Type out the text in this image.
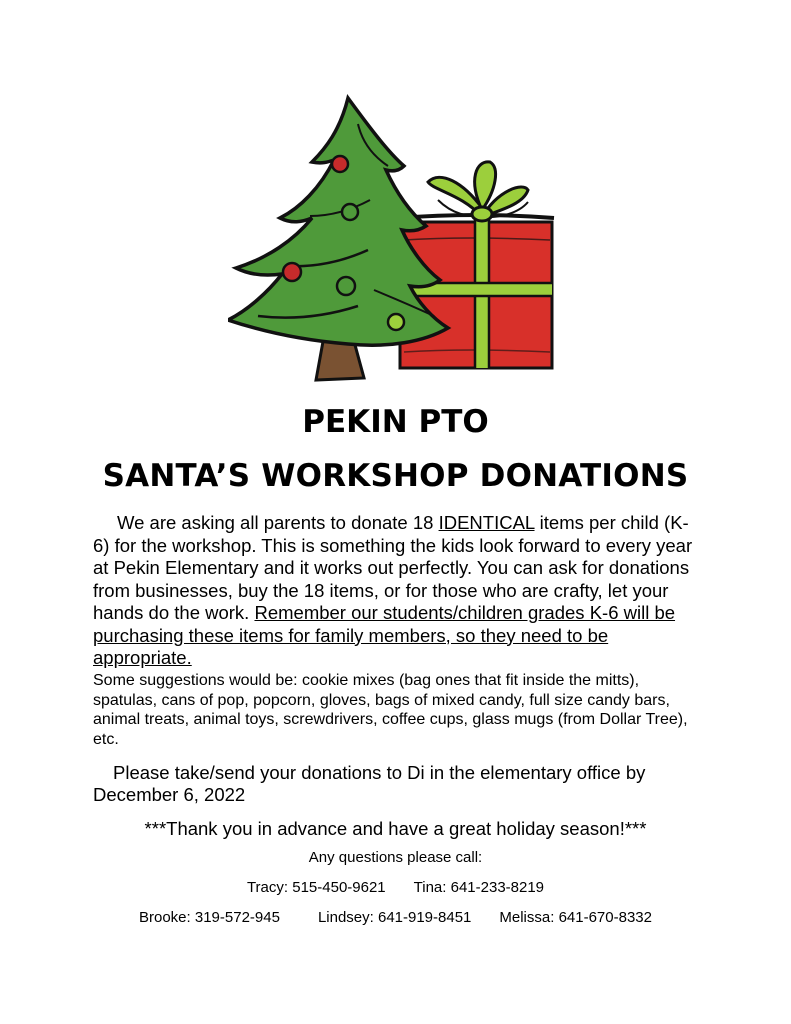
PEKIN PTO
SANTA’S WORKSHOP DONATIONS

We are asking all parents to donate 18 IDENTICAL items per child (K-6) for the workshop. This is something the kids look forward to every year at Pekin Elementary and it works out perfectly. You can ask for donations from businesses, buy the 18 items, or for those who are crafty, let your hands do the work. Remember our students/children grades K-6 will be purchasing these items for family members, so they need to be appropriate.

Some suggestions would be: cookie mixes (bag ones that fit inside the mitts), spatulas, cans of pop, popcorn, gloves, bags of mixed candy, full size candy bars, animal treats, animal toys, screwdrivers, coffee cups, glass mugs (from Dollar Tree), etc.

Please take/send your donations to Di in the elementary office by December 6, 2022

***Thank you in advance and have a great holiday season!***
Any questions please call:
Tracy: 515-450-9621 Tina: 641-233-8219
Brooke: 319-572-945	Lindsey: 641-919-8451 Melissa: 641-670-8332
